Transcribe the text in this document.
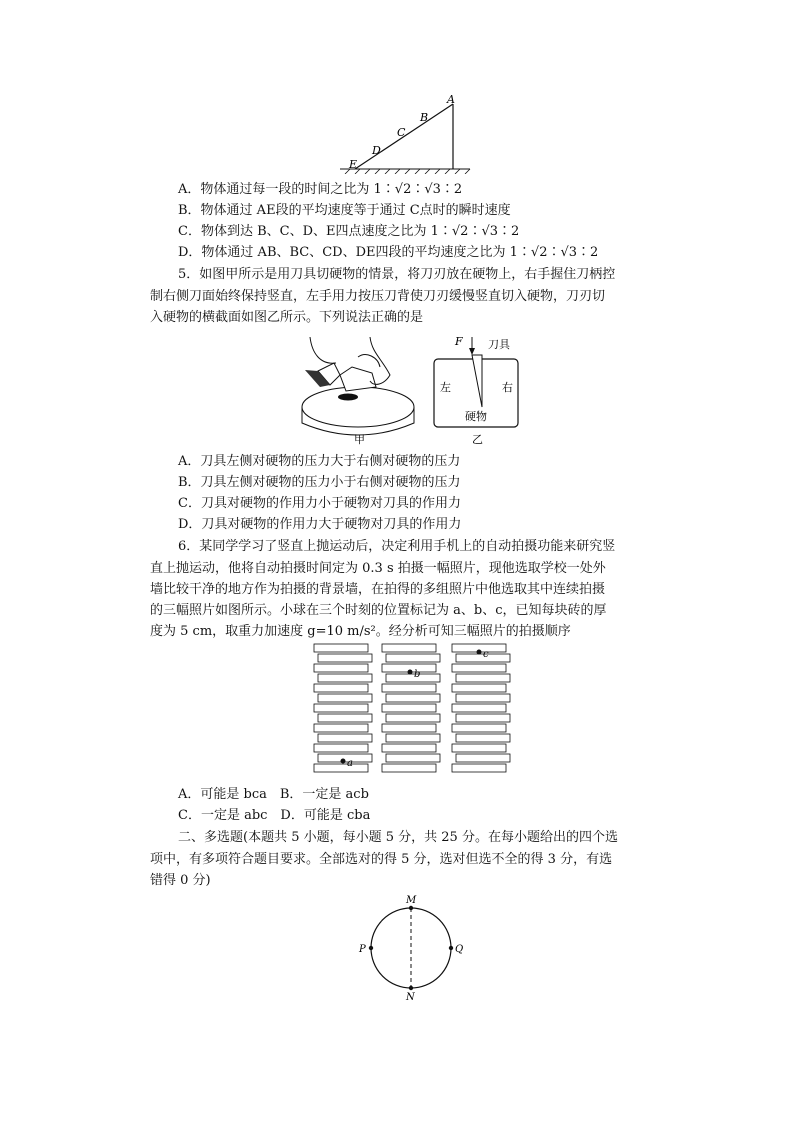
A
B
C
D
E
A．物体通过每一段的时间之比为 1∶√2∶√3∶2
B．物体通过 AE段的平均速度等于通过 C点时的瞬时速度
C．物体到达 B、C、D、E四点速度之比为 1∶√2∶√3∶2
D．物体通过 AB、BC、CD、DE四段的平均速度之比为 1∶√2∶√3∶2
5．如图甲所示是用刀具切硬物的情景，将刀刃放在硬物上，右手握住刀柄控
制右侧刀面始终保持竖直，左手用力按压刀背使刀刃缓慢竖直切入硬物，刀刃切
入硬物的横截面如图乙所示。下列说法正确的是
甲
F 刀具
左	右
硬物
乙
A．刀具左侧对硬物的压力大于右侧对硬物的压力
B．刀具左侧对硬物的压力小于右侧对硬物的压力
C．刀具对硬物的作用力小于硬物对刀具的作用力
D．刀具对硬物的作用力大于硬物对刀具的作用力
6．某同学学习了竖直上抛运动后，决定利用手机上的自动拍摄功能来研究竖
直上抛运动，他将自动拍摄时间定为 0.3 s 拍摄一幅照片，现他选取学校一处外
墙比较干净的地方作为拍摄的背景墙，在拍得的多组照片中他选取其中连续拍摄
的三幅照片如图所示。小球在三个时刻的位置标记为 a、b、c，已知每块砖的厚
度为 5 cm，取重力加速度 g=10 m/s²。经分析可知三幅照片的拍摄顺序
a
b
c
A．可能是 bca　B．一定是 acb
C．一定是 abc　D．可能是 cba
二、多选题(本题共 5 小题，每小题 5 分，共 25 分。在每小题给出的四个选
项中，有多项符合题目要求。全部选对的得 5 分，选对但选不全的得 3 分，有选
错得 0 分)
M
N
P	Q
